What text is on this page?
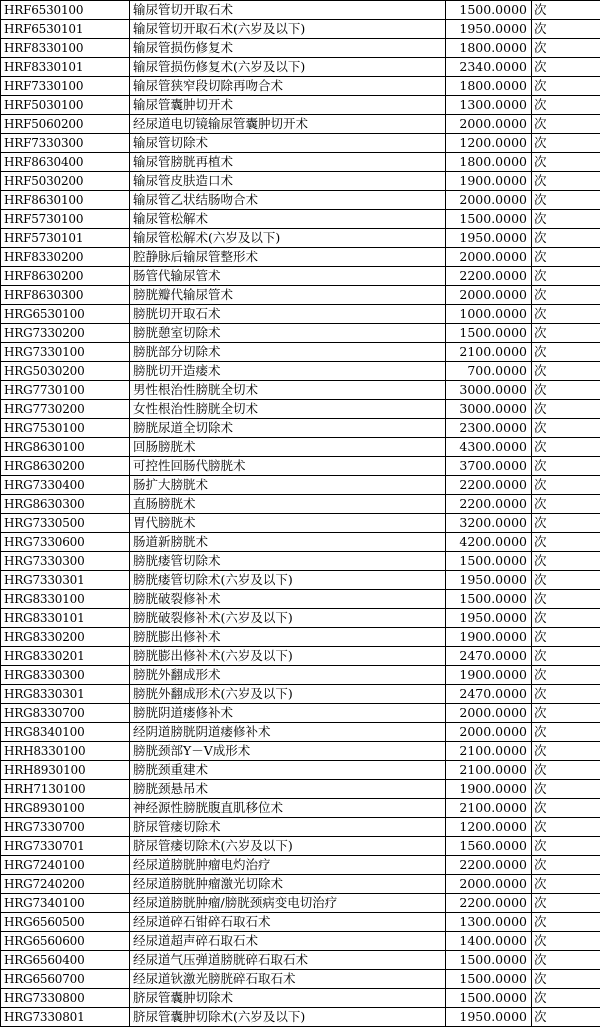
HRF6530100	输尿管切开取石术	1500.0000	次
HRF6530101	输尿管切开取石术(六岁及以下)	1950.0000	次
HRF8330100	输尿管损伤修复术	1800.0000	次
HRF8330101	输尿管损伤修复术(六岁及以下)	2340.0000	次
HRF7330100	输尿管狭窄段切除再吻合术	1800.0000	次
HRF5030100	输尿管囊肿切开术	1300.0000	次
HRF5060200	经尿道电切镜输尿管囊肿切开术	2000.0000	次
HRF7330300	输尿管切除术	1200.0000	次
HRF8630400	输尿管膀胱再植术	1800.0000	次
HRF5030200	输尿管皮肤造口术	1900.0000	次
HRF8630100	输尿管乙状结肠吻合术	2000.0000	次
HRF5730100	输尿管松解术	1500.0000	次
HRF5730101	输尿管松解术(六岁及以下)	1950.0000	次
HRF8330200	腔静脉后输尿管整形术	2000.0000	次
HRF8630200	肠管代输尿管术	2200.0000	次
HRF8630300	膀胱瓣代输尿管术	2000.0000	次
HRG6530100	膀胱切开取石术	1000.0000	次
HRG7330200	膀胱憩室切除术	1500.0000	次
HRG7330100	膀胱部分切除术	2100.0000	次
HRG5030200	膀胱切开造瘘术	700.0000	次
HRG7730100	男性根治性膀胱全切术	3000.0000	次
HRG7730200	女性根治性膀胱全切术	3000.0000	次
HRG7530100	膀胱尿道全切除术	2300.0000	次
HRG8630100	回肠膀胱术	4300.0000	次
HRG8630200	可控性回肠代膀胱术	3700.0000	次
HRG7330400	肠扩大膀胱术	2200.0000	次
HRG8630300	直肠膀胱术	2200.0000	次
HRG7330500	胃代膀胱术	3200.0000	次
HRG7330600	肠道新膀胱术	4200.0000	次
HRG7330300	膀胱瘘管切除术	1500.0000	次
HRG7330301	膀胱瘘管切除术(六岁及以下)	1950.0000	次
HRG8330100	膀胱破裂修补术	1500.0000	次
HRG8330101	膀胱破裂修补术(六岁及以下)	1950.0000	次
HRG8330200	膀胱膨出修补术	1900.0000	次
HRG8330201	膀胱膨出修补术(六岁及以下)	2470.0000	次
HRG8330300	膀胱外翻成形术	1900.0000	次
HRG8330301	膀胱外翻成形术(六岁及以下)	2470.0000	次
HRG8330700	膀胱阴道瘘修补术	2000.0000	次
HRG8340100	经阴道膀胱阴道瘘修补术	2000.0000	次
HRH8330100	膀胱颈部Y－V成形术	2100.0000	次
HRH8930100	膀胱颈重建术	2100.0000	次
HRH7130100	膀胱颈悬吊术	1900.0000	次
HRG8930100	神经源性膀胱腹直肌移位术	2100.0000	次
HRG7330700	脐尿管瘘切除术	1200.0000	次
HRG7330701	脐尿管瘘切除术(六岁及以下)	1560.0000	次
HRG7240100	经尿道膀胱肿瘤电灼治疗	2200.0000	次
HRG7240200	经尿道膀胱肿瘤激光切除术	2000.0000	次
HRG7340100	经尿道膀胱肿瘤/膀胱颈病变电切治疗	2200.0000	次
HRG6560500	经尿道碎石钳碎石取石术	1300.0000	次
HRG6560600	经尿道超声碎石取石术	1400.0000	次
HRG6560400	经尿道气压弹道膀胱碎石取石术	1500.0000	次
HRG6560700	经尿道钬激光膀胱碎石取石术	1500.0000	次
HRG7330800	脐尿管囊肿切除术	1500.0000	次
HRG7330801	脐尿管囊肿切除术(六岁及以下)	1950.0000	次
